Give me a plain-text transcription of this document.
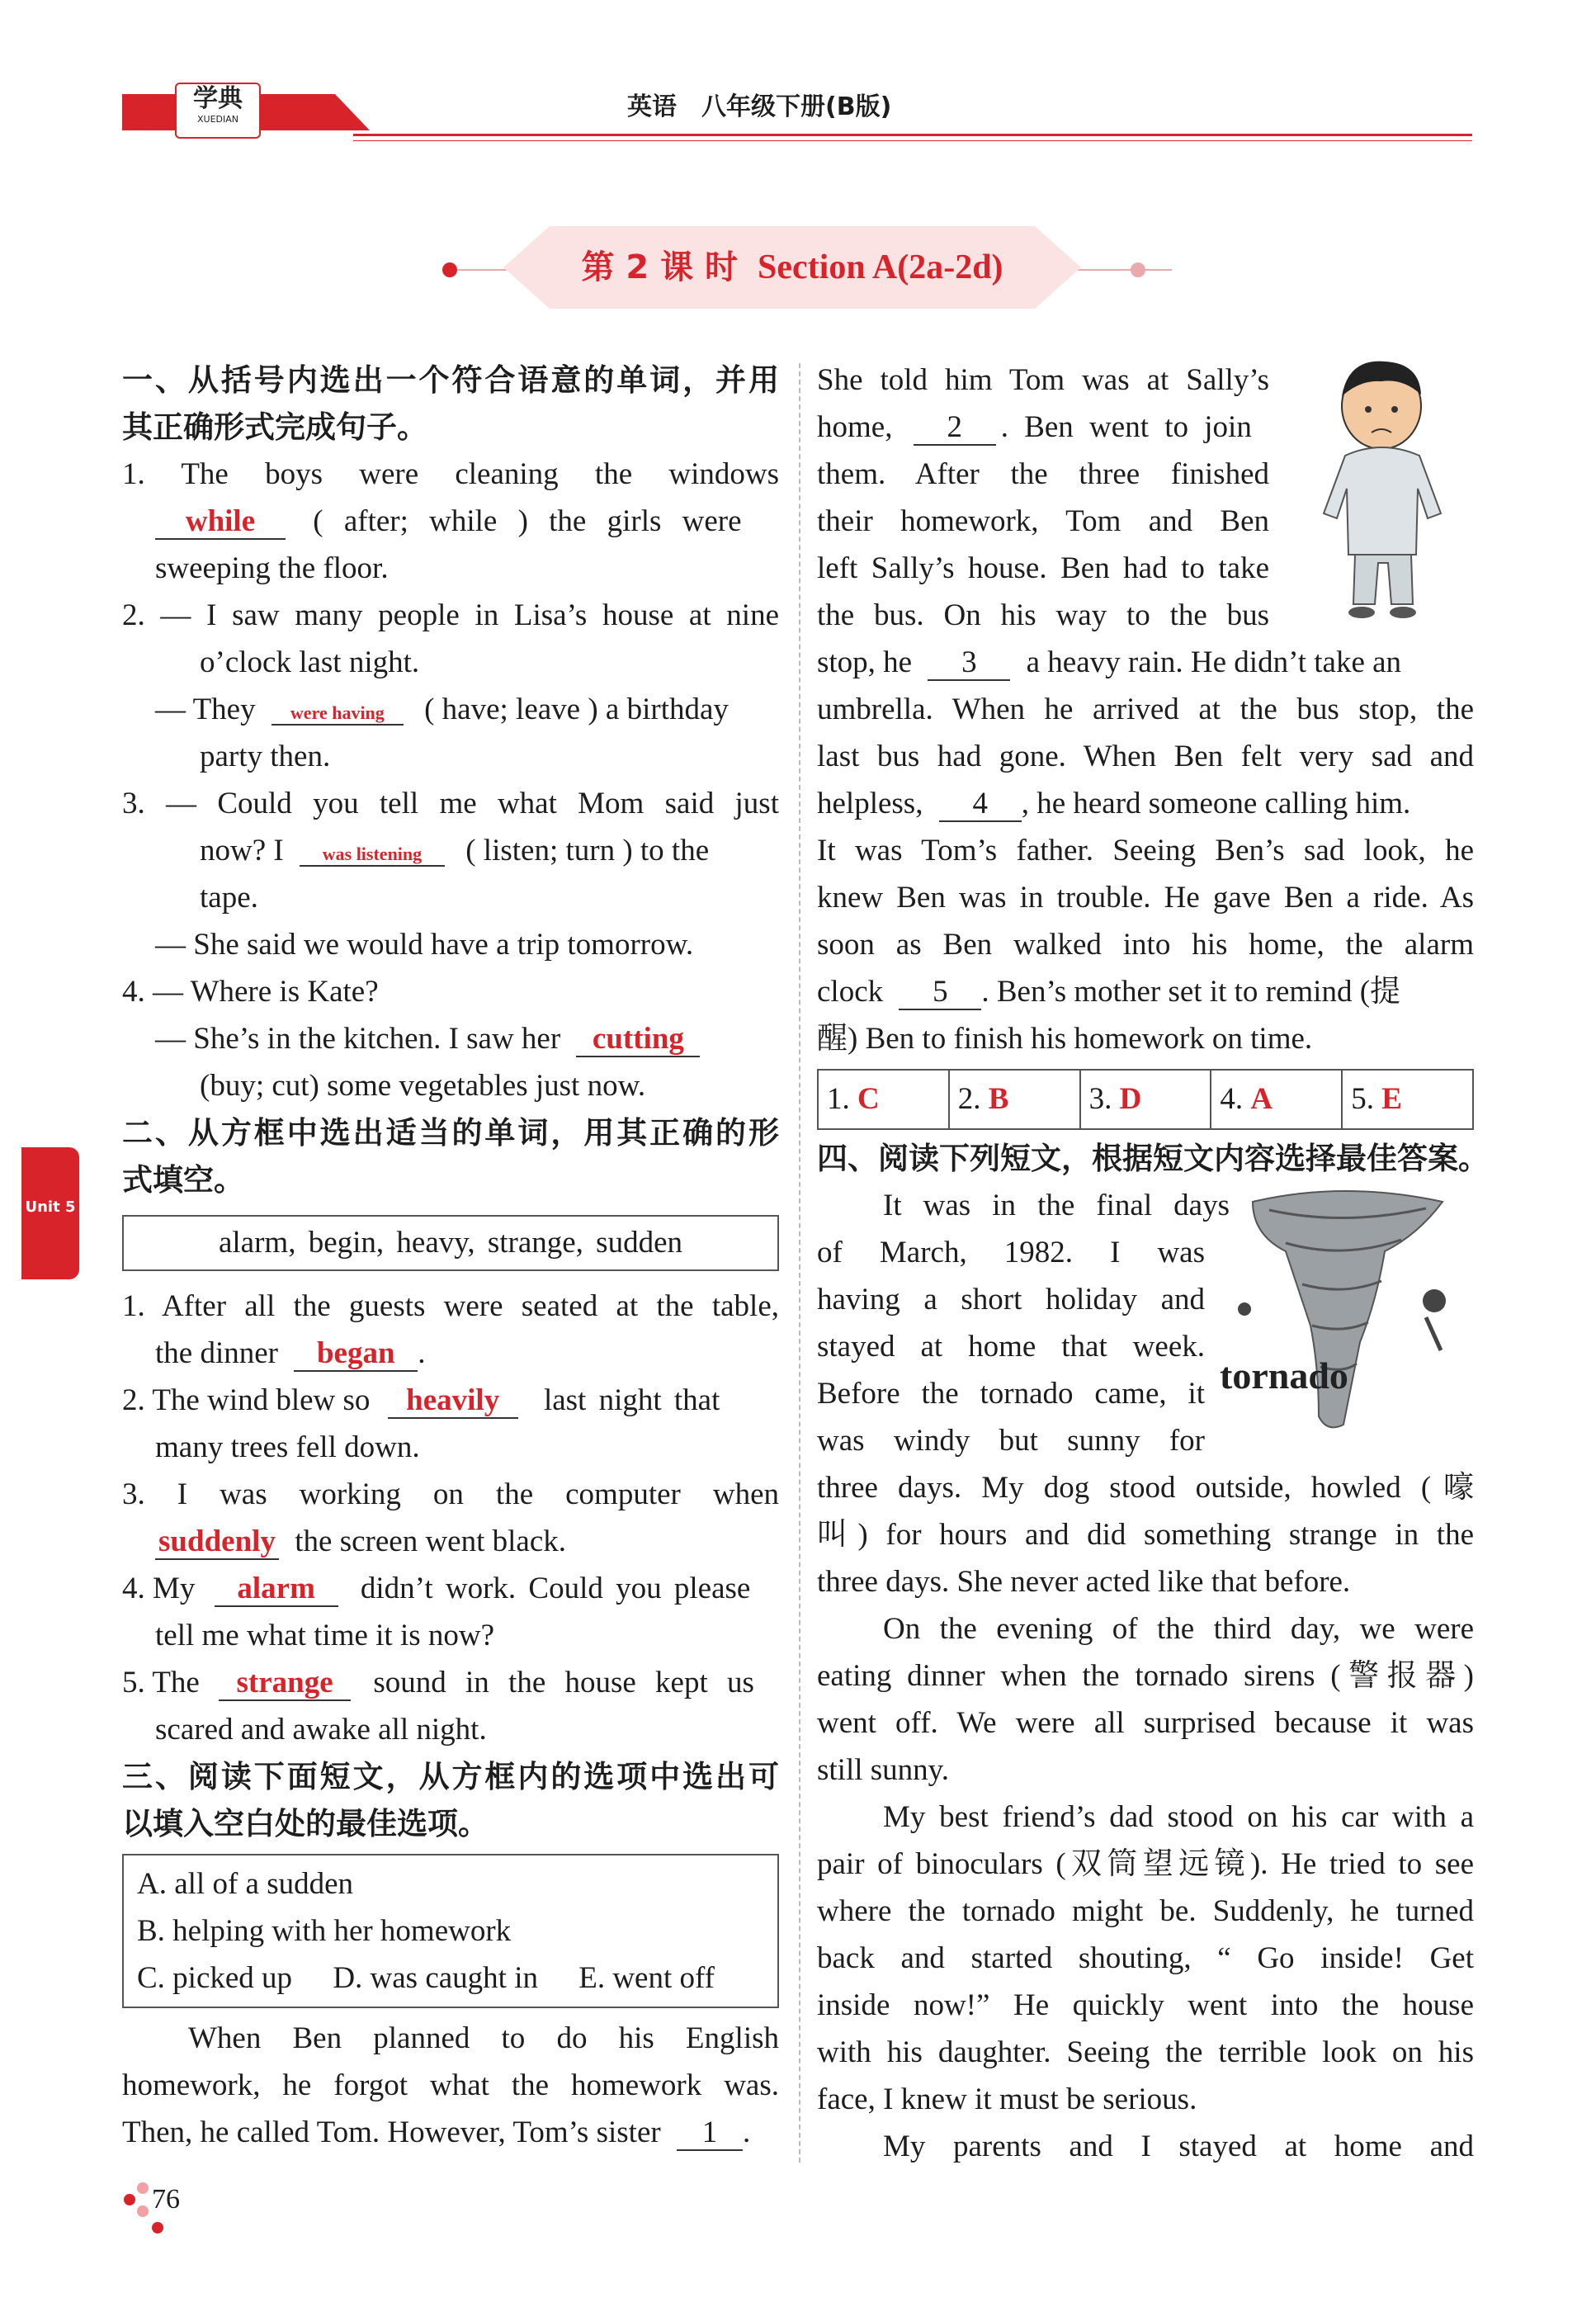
学典
XUEDIAN	英语　八年级下册(B版)
第 2 课 时 Section A(2a-2d)
Unit 5
一、从括号内选出一个符合语意的单词，并用
其正确形式完成句子。
1. The boys were cleaning the windows
while ( after; while ) the girls were
sweeping the floor.
2. — I saw many people in Lisa’s house at nine
o’clock last night.
— They were having ( have; leave ) a birthday
party then.
3. — Could you tell me what Mom said just
now? I was listening ( listen; turn ) to the
tape.
— She said we would have a trip tomorrow.
4. — Where is Kate?
— She’s in the kitchen. I saw her cutting
(buy; cut) some vegetables just now.
二、从方框中选出适当的单词，用其正确的形
式填空。
alarm, begin, heavy, strange, sudden
1. After all the guests were seated at the table,
the dinner began .
2. The wind blew so heavily last night that
many trees fell down.
3. I was working on the computer when
suddenly the screen went black.
4. My alarm didn’t work. Could you please
tell me what time it is now?
5. The strange sound in the house kept us
scared and awake all night.
三、阅读下面短文，从方框内的选项中选出可
以填入空白处的最佳选项。
A. all of a sudden
B. helping with her homework
C. picked up D. was caught in E. went off
When Ben planned to do his English
homework, he forgot what the homework was.
Then, he called Tom. However, Tom’s sister 1 .
She told him Tom was at Sally’s
home, 2 . Ben went to join
them. After the three finished
their homework, Tom and Ben
left Sally’s house. Ben had to take
the bus. On his way to the bus
stop, he 3 a heavy rain. He didn’t take an
umbrella. When he arrived at the bus stop, the
last bus had gone. When Ben felt very sad and
helpless, 4 , he heard someone calling him.
It was Tom’s father. Seeing Ben’s sad look, he
knew Ben was in trouble. He gave Ben a ride. As
soon as Ben walked into his home, the alarm
clock 5 . Ben’s mother set it to remind (提
醒) Ben to finish his homework on time.
1. C	2. B	3. D	4. A	5. E
四、阅读下列短文，根据短文内容选择最佳答案。
tornado
It was in the final days
of March, 1982. I was
having a short holiday and
stayed at home that week.
Before the tornado came, it
was windy but sunny for
three days. My dog stood outside, howled (嚎
叫) for hours and did something strange in the
three days. She never acted like that before.
On the evening of the third day, we were
eating dinner when the tornado sirens (警报器)
went off. We were all surprised because it was
still sunny.
My best friend’s dad stood on his car with a
pair of binoculars (双筒望远镜). He tried to see
where the tornado might be. Suddenly, he turned
back and started shouting, “ Go inside! Get
inside now!” He quickly went into the house
with his daughter. Seeing the terrible look on his
face, I knew it must be serious.
My parents and I stayed at home and
76
